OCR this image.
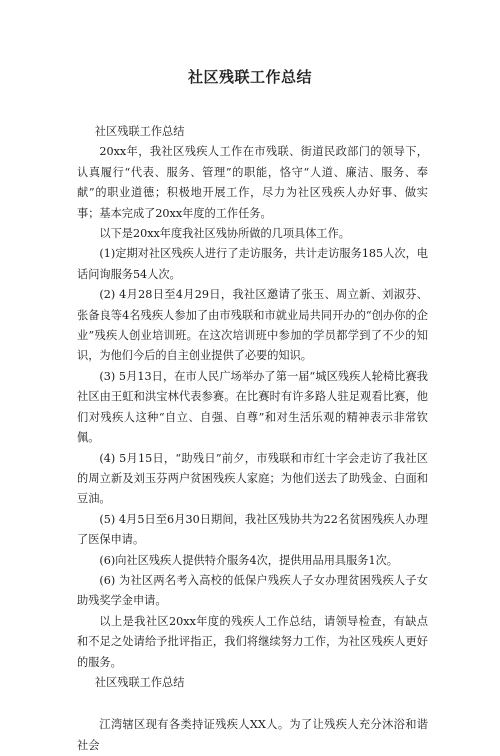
社区残联工作总结

社区残联工作总结

20xx年，我社区残疾人工作在市残联、街道民政部门的领导下，认真履行“代表、服务、管理”的职能，恪守“人道、廉洁、服务、奉献”的职业道德；积极地开展工作，尽力为社区残疾人办好事、做实事；基本完成了20xx年度的工作任务。

以下是20xx年度我社区残协所做的几项具体工作。

(1)定期对社区残疾人进行了走访服务，共计走访服务185人次，电话问询服务54人次。

(2) 4月28日至4月29日，我社区邀请了张玉、周立新、刘淑芬、张备良等4名残疾人参加了由市残联和市就业局共同开办的“创办你的企业”残疾人创业培训班。在这次培训班中参加的学员都学到了不少的知识，为他们今后的自主创业提供了必要的知识。

(3) 5月13日，在市人民广场举办了第一届“城区残疾人轮椅比赛我社区由王虹和洪宝林代表参赛。在比赛时有许多路人驻足观看比赛，他们对残疾人这种“自立、自强、自尊”和对生活乐观的精神表示非常钦佩。

(4) 5月15日，“助残日”前夕，市残联和市红十字会走访了我社区的周立新及刘玉芬两户贫困残疾人家庭；为他们送去了助残金、白面和豆油。

(5) 4月5日至6月30日期间，我社区残协共为22名贫困残疾人办理了医保申请。

(6)向社区残疾人提供特介服务4次，提供用品用具服务1次。

(6) 为社区两名考入高校的低保户残疾人子女办理贫困残疾人子女助残奖学金申请。

以上是我社区20xx年度的残疾人工作总结，请领导检查，有缺点和不足之处请给予批评指正，我们将继续努力工作，为社区残疾人更好的服务。

社区残联工作总结

江湾辖区现有各类持证残疾人XX人。为了让残疾人充分沐浴和谐社会
